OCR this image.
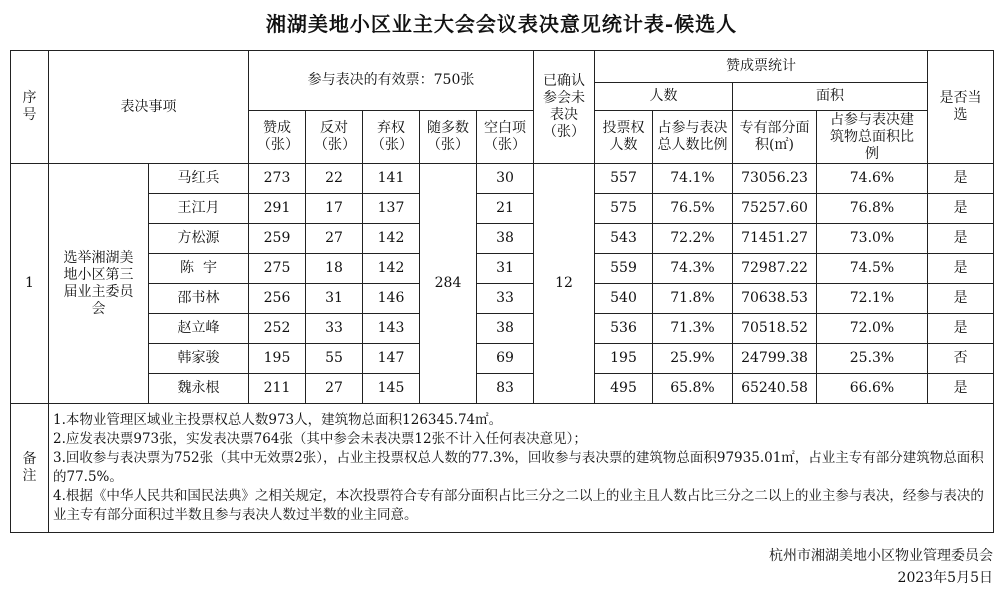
湘湖美地小区业主大会会议表决意见统计表-候选人
序号	表决事项		参与表决的有效票：750张					已确认参会未表决（张）	赞成票统计				是否当选
									人数		面积		
			赞成（张）	反对（张）	弃权（张）	随多数（张）	空白项（张）		投票权人数	占参与表决总人数比例	专有部分面积(㎡)	占参与表决建筑物总面积比例	
1	选举湘湖美地小区第三届业主委员会	马红兵	273	22	141	284	30	12	557	74.1%	73056.23	74.6%	是
		王江月	291	17	137		21		575	76.5%	75257.60	76.8%	是
		方松源	259	27	142		38		543	72.2%	71451.27	73.0%	是
		陈  宇	275	18	142		31		559	74.3%	72987.22	74.5%	是
		邵书林	256	31	146		33		540	71.8%	70638.53	72.1%	是
		赵立峰	252	33	143		38		536	71.3%	70518.52	72.0%	是
		韩家骏	195	55	147		69		195	25.9%	24799.38	25.3%	否
		魏永根	211	27	145		83		495	65.8%	65240.58	66.6%	是
备注	1.本物业管理区域业主投票权总人数973人，建筑物总面积126345.74㎡。
2.应发表决票973张，实发表决票764张（其中参会未表决票12张不计入任何表决意见）；
3.回收参与表决票为752张（其中无效票2张），占业主投票权总人数的77.3%，回收参与表决票的建筑物总面积97935.01㎡，占业主专有部分建筑物总面积的77.5%。
4.根据《中华人民共和国民法典》之相关规定，本次投票符合专有部分面积占比三分之二以上的业主且人数占比三分之二以上的业主参与表决，经参与表决的业主专有部分面积过半数且参与表决人数过半数的业主同意。												
杭州市湘湖美地小区物业管理委员会
2023年5月5日
